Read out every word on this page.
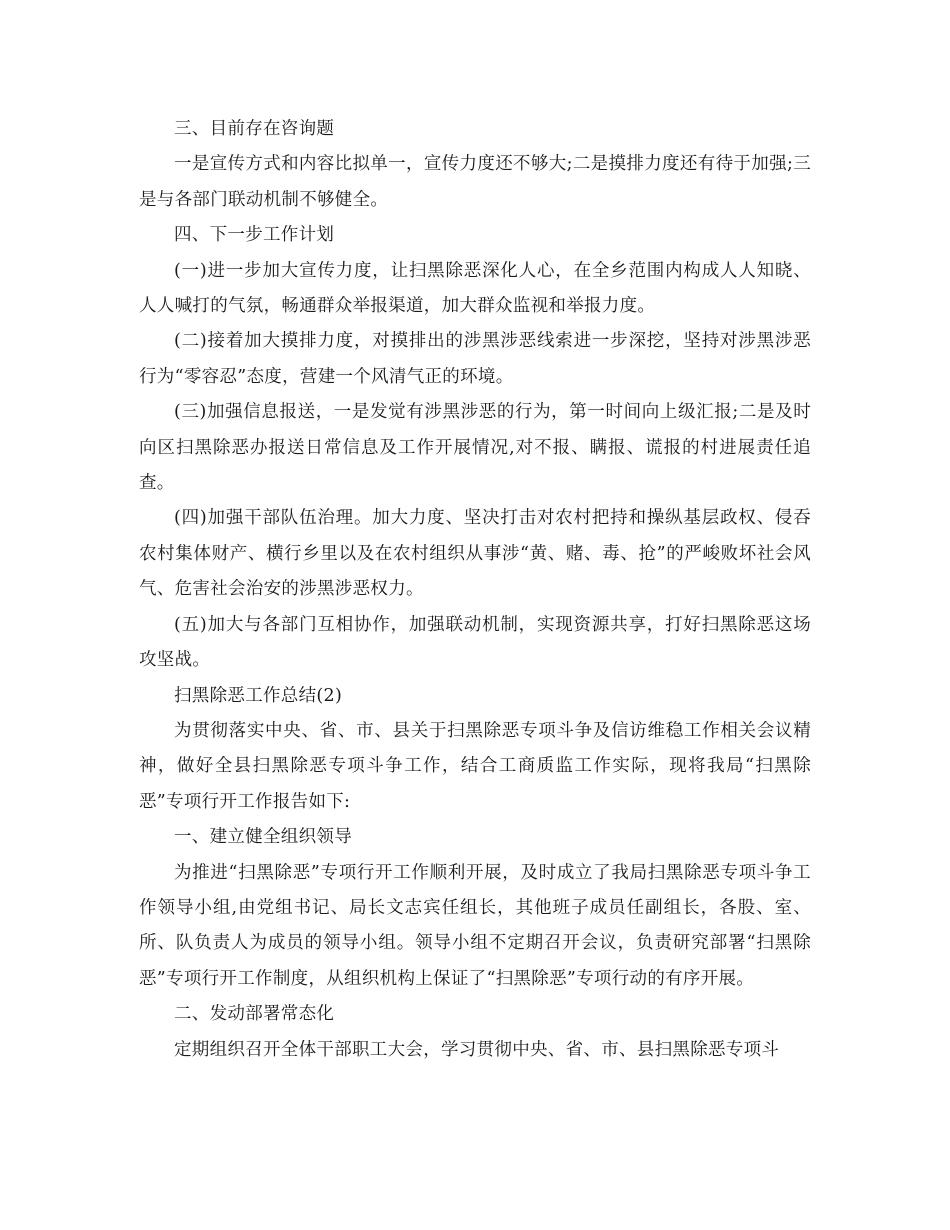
三、目前存在咨询题

一是宣传方式和内容比拟单一，宣传力度还不够大;二是摸排力度还有待于加强;三是与各部门联动机制不够健全。

四、下一步工作计划

(一)进一步加大宣传力度，让扫黑除恶深化人心，在全乡范围内构成人人知晓、人人喊打的气氛，畅通群众举报渠道，加大群众监视和举报力度。

(二)接着加大摸排力度，对摸排出的涉黑涉恶线索进一步深挖，坚持对涉黑涉恶行为“零容忍”态度，营建一个风清气正的环境。

(三)加强信息报送，一是发觉有涉黑涉恶的行为，第一时间向上级汇报;二是及时向区扫黑除恶办报送日常信息及工作开展情况,对不报、瞒报、谎报的村进展责任追查。

(四)加强干部队伍治理。加大力度、坚决打击对农村把持和操纵基层政权、侵吞农村集体财产、横行乡里以及在农村组织从事涉“黄、赌、毒、抢”的严峻败坏社会风气、危害社会治安的涉黑涉恶权力。

(五)加大与各部门互相协作，加强联动机制，实现资源共享，打好扫黑除恶这场攻坚战。

扫黑除恶工作总结(2)

为贯彻落实中央、省、市、县关于扫黑除恶专项斗争及信访维稳工作相关会议精神，做好全县扫黑除恶专项斗争工作，结合工商质监工作实际，现将我局“扫黑除恶”专项行开工作报告如下:

一、建立健全组织领导

为推进“扫黑除恶”专项行开工作顺利开展，及时成立了我局扫黑除恶专项斗争工作领导小组,由党组书记、局长文志宾任组长，其他班子成员任副组长，各股、室、所、队负责人为成员的领导小组。领导小组不定期召开会议，负责研究部署“扫黑除恶”专项行开工作制度，从组织机构上保证了“扫黑除恶”专项行动的有序开展。

二、发动部署常态化

定期组织召开全体干部职工大会，学习贯彻中央、省、市、县扫黑除恶专项斗
